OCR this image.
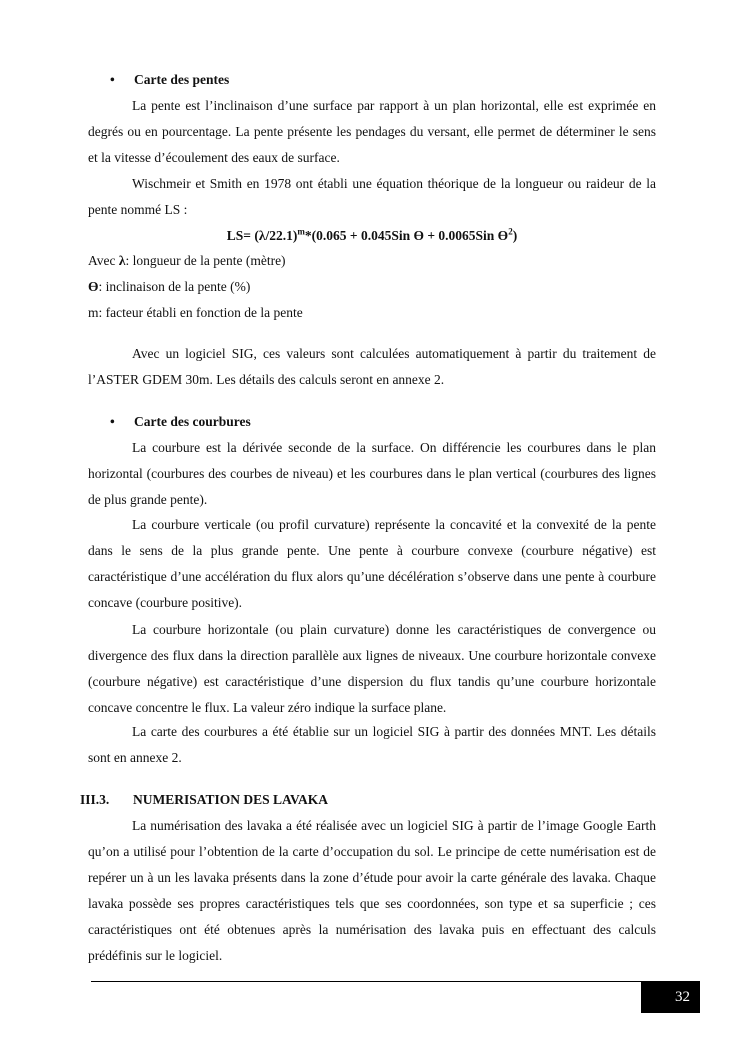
• Carte des pentes
La pente est l’inclinaison d’une surface par rapport à un plan horizontal, elle est exprimée en degrés ou en pourcentage. La pente présente les pendages du versant, elle permet de déterminer le sens et la vitesse d’écoulement des eaux de surface.
Wischmeir et Smith en 1978 ont établi une équation théorique de la longueur ou raideur de la pente nommé LS :
$LS= (\lambda/22.1)^m*(0.065 + 0.045Sin$ ϴ + 0.0065Sin $ϴ^2$)
Avec λ: longueur de la pente (mètre)
ϴ: inclinaison de la pente (%)
m: facteur établi en fonction de la pente
Avec un logiciel SIG, ces valeurs sont calculées automatiquement à partir du traitement de l’ASTER GDEM 30m. Les détails des calculs seront en annexe 2.
• Carte des courbures
La courbure est la dérivée seconde de la surface. On différencie les courbures dans le plan horizontal (courbures des courbes de niveau) et les courbures dans le plan vertical (courbures des lignes de plus grande pente).
La courbure verticale (ou profil curvature) représente la concavité et la convexité de la pente dans le sens de la plus grande pente. Une pente à courbure convexe (courbure négative) est caractéristique d’une accélération du flux alors qu’une décélération s’observe dans une pente à courbure concave (courbure positive).
La courbure horizontale (ou plain curvature) donne les caractéristiques de convergence ou divergence des flux dans la direction parallèle aux lignes de niveaux. Une courbure horizontale convexe (courbure négative) est caractéristique d’une dispersion du flux tandis qu’une courbure horizontale concave concentre le flux. La valeur zéro indique la surface plane.
La carte des courbures a été établie sur un logiciel SIG à partir des données MNT. Les détails sont en annexe 2.
III.3. NUMERISATION DES LAVAKA
La numérisation des lavaka a été réalisée avec un logiciel SIG à partir de l’image Google Earth qu’on a utilisé pour l’obtention de la carte d’occupation du sol. Le principe de cette numérisation est de repérer un à un les lavaka présents dans la zone d’étude pour avoir la carte générale des lavaka. Chaque lavaka possède ses propres caractéristiques tels que ses coordonnées, son type et sa superficie ; ces caractéristiques ont été obtenues après la numérisation des lavaka puis en effectuant des calculs prédéfinis sur le logiciel.
32
